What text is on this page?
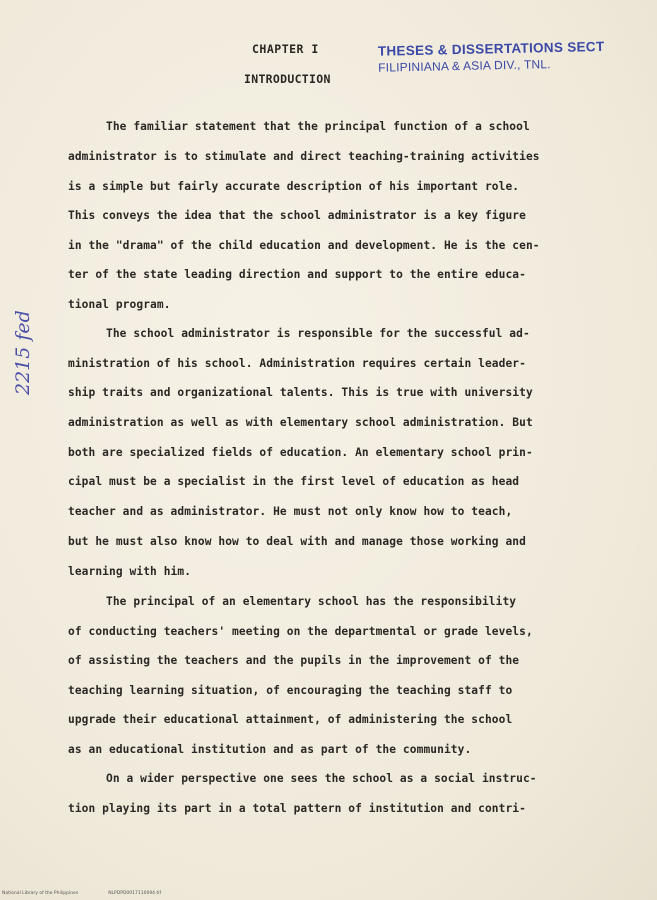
THESES & DISSERTATIONS SECT
FILIPINIANA & ASIA DIV., TNL.
CHAPTER I
INTRODUCTION
2215 fed
The familiar statement that the principal function of a school
administrator is to stimulate and direct teaching-training activities
is a simple but fairly accurate description of his important role.
This conveys the idea that the school administrator is a key figure
in the "drama" of the child education and development. He is the cen-
ter of the state leading direction and support to the entire educa-
tional program.
The school administrator is responsible for the successful ad-
ministration of his school. Administration requires certain leader-
ship traits and organizational talents. This is true with university
administration as well as with elementary school administration. But
both are specialized fields of education. An elementary school prin-
cipal must be a specialist in the first level of education as head
teacher and as administrator. He must not only know how to teach,
but he must also know how to deal with and manage those working and
learning with him.
The principal of an elementary school has the responsibility
of conducting teachers' meeting on the departmental or grade levels,
of assisting the teachers and the pupils in the improvement of the
teaching learning situation, of encouraging the teaching staff to
upgrade their educational attainment, of administering the school
as an educational institution and as part of the community.
On a wider perspective one sees the school as a social instruc-
tion playing its part in a total pattern of institution and contri-
National Library of the Philippines	NLPDPD0017110094.tif
